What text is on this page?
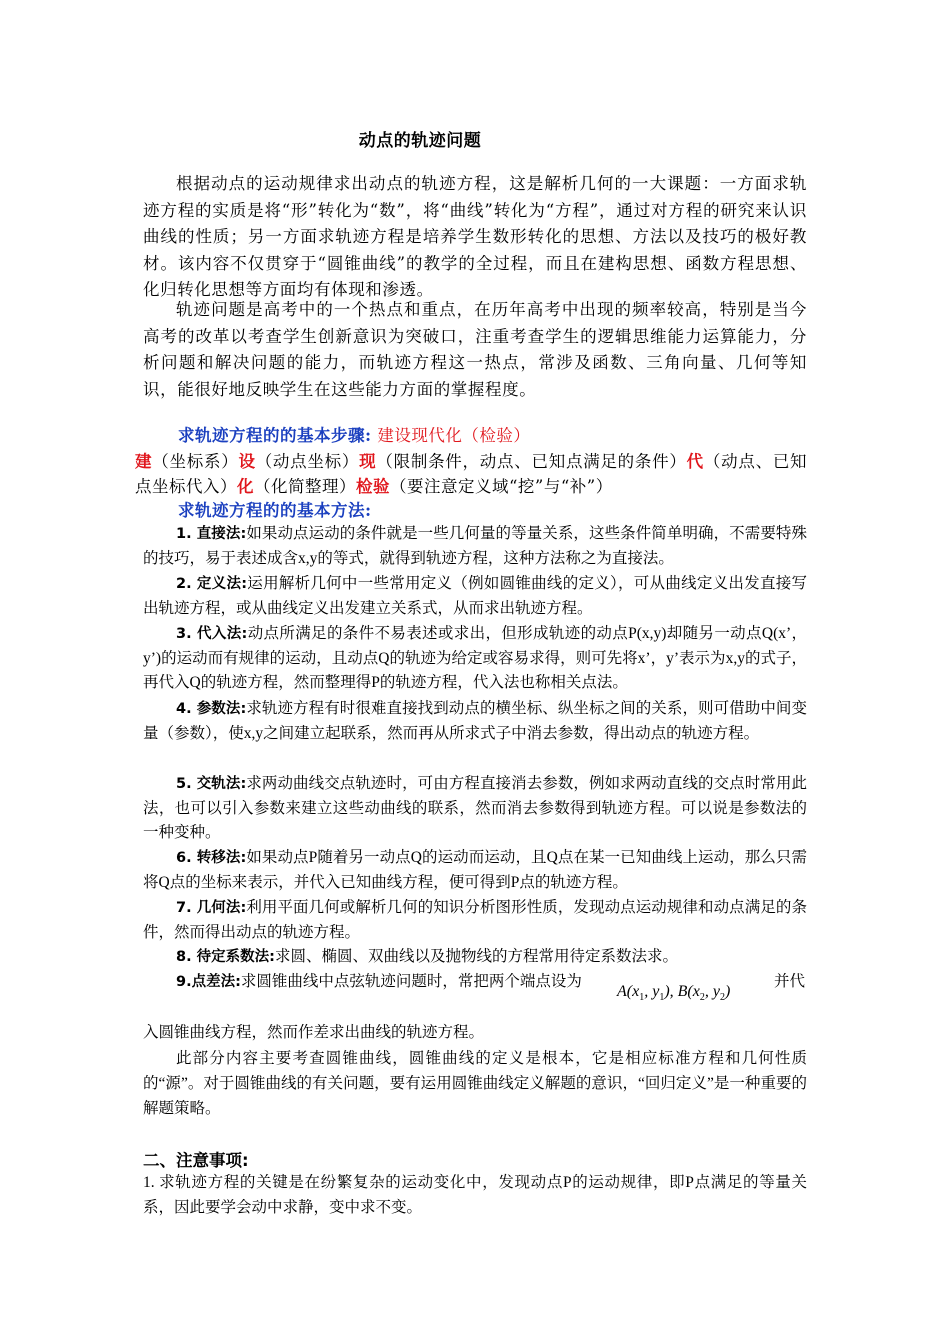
动点的轨迹问题
根据动点的运动规律求出动点的轨迹方程，这是解析几何的一大课题：一方面求轨迹方程的实质是将“形”转化为“数”，将“曲线”转化为“方程”，通过对方程的研究来认识曲线的性质；另一方面求轨迹方程是培养学生数形转化的思想、方法以及技巧的极好教材。该内容不仅贯穿于“圆锥曲线”的教学的全过程，而且在建构思想、函数方程思想、化归转化思想等方面均有体现和渗透。
轨迹问题是高考中的一个热点和重点，在历年高考中出现的频率较高，特别是当今高考的改革以考查学生创新意识为突破口，注重考查学生的逻辑思维能力运算能力，分析问题和解决问题的能力，而轨迹方程这一热点，常涉及函数、三角向量、几何等知识，能很好地反映学生在这些能力方面的掌握程度。
求轨迹方程的的基本步骤: 建设现代化（检验）
建（坐标系）设（动点坐标）现（限制条件，动点、已知点满足的条件）代（动点、已知点坐标代入）化（化简整理）检验（要注意定义域“挖”与“补”）
求轨迹方程的的基本方法:
1. 直接法:如果动点运动的条件就是一些几何量的等量关系，这些条件简单明确，不需要特殊的技巧，易于表述成含x,y的等式，就得到轨迹方程，这种方法称之为直接法。
2. 定义法:运用解析几何中一些常用定义（例如圆锥曲线的定义），可从曲线定义出发直接写出轨迹方程，或从曲线定义出发建立关系式，从而求出轨迹方程。
3. 代入法:动点所满足的条件不易表述或求出，但形成轨迹的动点P(x,y)却随另一动点Q(x’，y’)的运动而有规律的运动，且动点Q的轨迹为给定或容易求得，则可先将x’，y’表示为x,y的式子，再代入Q的轨迹方程，然而整理得P的轨迹方程，代入法也称相关点法。
4. 参数法:求轨迹方程有时很难直接找到动点的横坐标、纵坐标之间的关系，则可借助中间变量（参数），使x,y之间建立起联系，然而再从所求式子中消去参数，得出动点的轨迹方程。
5. 交轨法:求两动曲线交点轨迹时，可由方程直接消去参数，例如求两动直线的交点时常用此法，也可以引入参数来建立这些动曲线的联系，然而消去参数得到轨迹方程。可以说是参数法的一种变种。
6. 转移法:如果动点P随着另一动点Q的运动而运动，且Q点在某一已知曲线上运动，那么只需将Q点的坐标来表示，并代入已知曲线方程，便可得到P点的轨迹方程。
7. 几何法:利用平面几何或解析几何的知识分析图形性质，发现动点运动规律和动点满足的条件，然而得出动点的轨迹方程。
8. 待定系数法:求圆、椭圆、双曲线以及抛物线的方程常用待定系数法求。
9.点差法:求圆锥曲线中点弦轨迹问题时，常把两个端点设为
$A(x_1$, $y_1$), $B(x_2$, $y_2$)
并代
入圆锥曲线方程，然而作差求出曲线的轨迹方程。
此部分内容主要考查圆锥曲线，圆锥曲线的定义是根本，它是相应标准方程和几何性质的“源”。对于圆锥曲线的有关问题，要有运用圆锥曲线定义解题的意识，“回归定义”是一种重要的解题策略。
二、注意事项:
1. 求轨迹方程的关键是在纷繁复杂的运动变化中，发现动点P的运动规律，即P点满足的等量关系，因此要学会动中求静，变中求不变。
